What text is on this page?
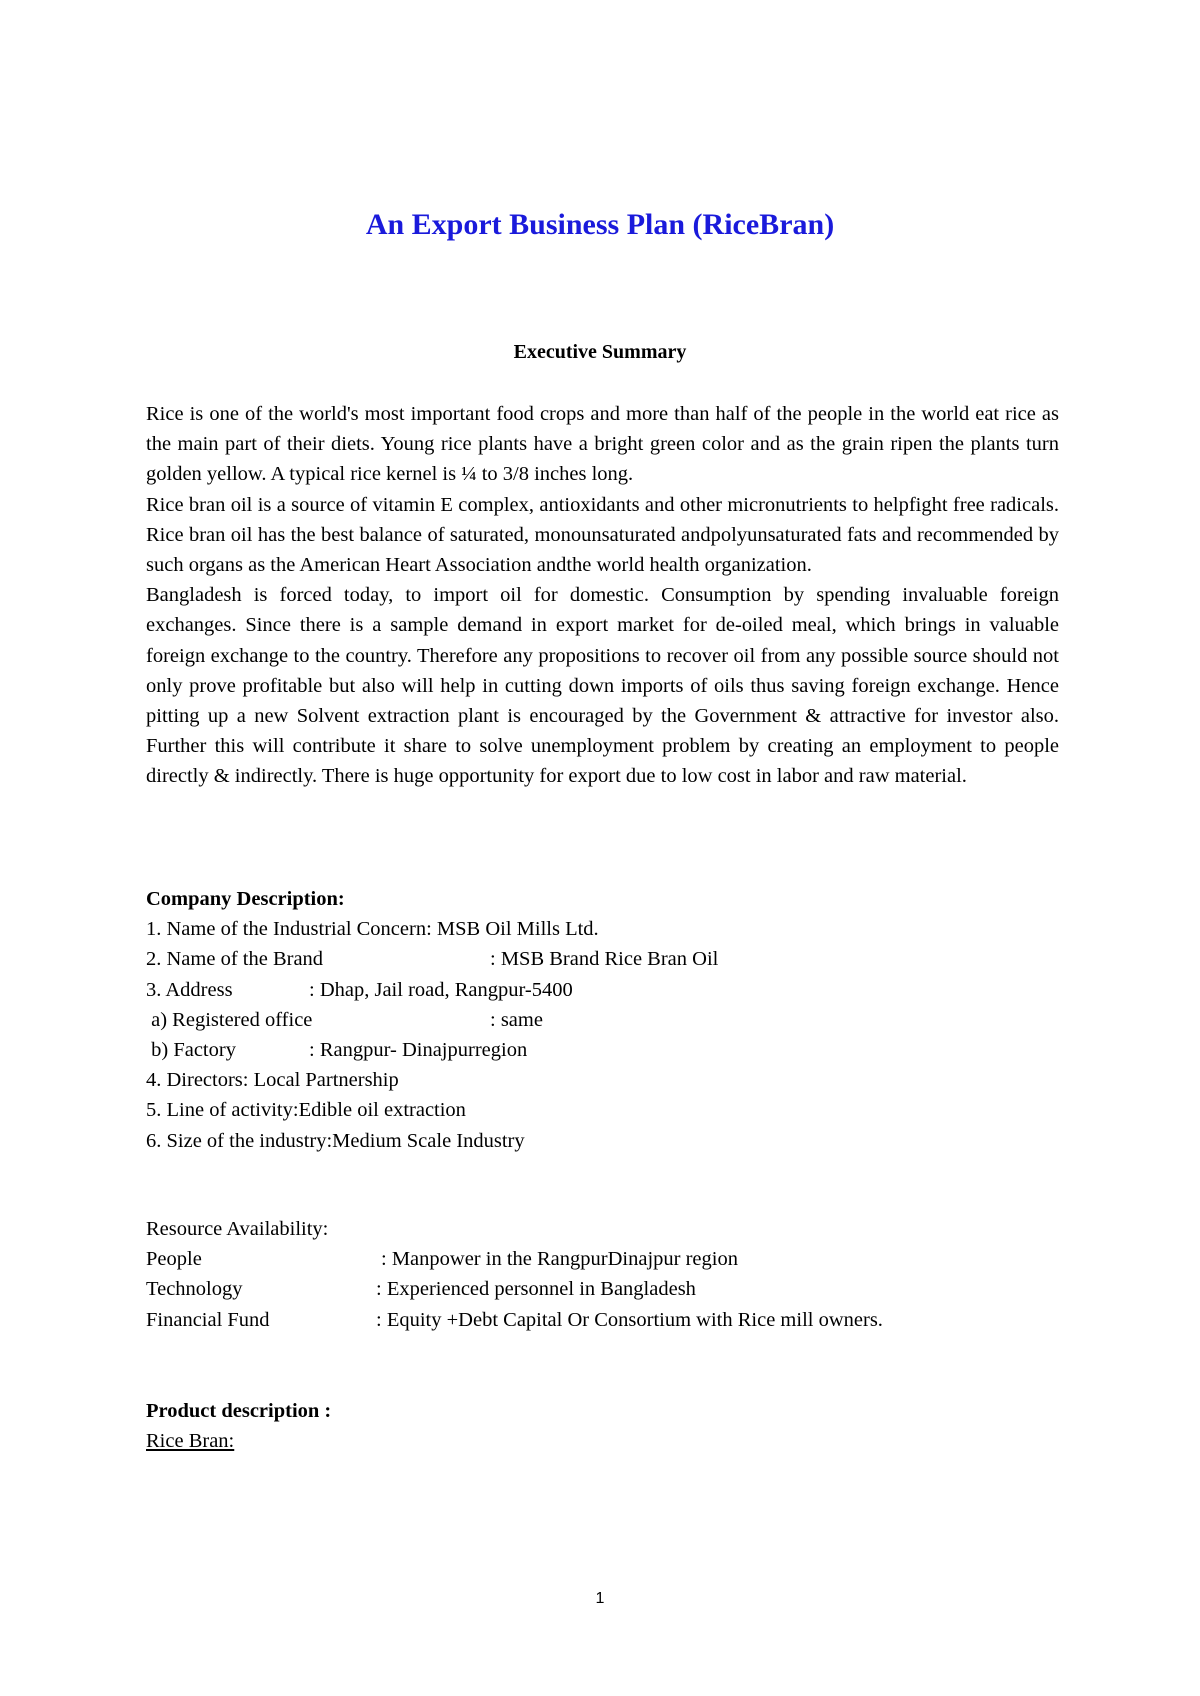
An Export Business Plan (RiceBran)
Executive Summary

Rice is one of the world's most important food crops and more than half of the people in the world eat rice as the main part of their diets. Young rice plants have a bright green color and as the grain ripen the plants turn golden yellow. A typical rice kernel is ¼ to 3/8 inches long.

Rice bran oil is a source of vitamin E complex, antioxidants and other micronutrients to helpfight free radicals. Rice bran oil has the best balance of saturated, monounsaturated andpolyunsaturated fats and recommended by such organs as the American Heart Association andthe world health organization.

Bangladesh is forced today, to import oil for domestic. Consumption by spending invaluable foreign exchanges. Since there is a sample demand in export market for de-oiled meal, which brings in valuable foreign exchange to the country. Therefore any propositions to recover oil from any possible source should not only prove profitable but also will help in cutting down imports of oils thus saving foreign exchange. Hence pitting up a new Solvent extraction plant is encouraged by the Government & attractive for investor also. Further this will contribute it share to solve unemployment problem by creating an employment to people directly & indirectly. There is huge opportunity for export due to low cost in labor and raw material.

Company Description:
1. Name of the Industrial Concern: MSB Oil Mills Ltd.
2. Name of the Brand	: MSB Brand Rice Bran Oil
3. Address	: Dhap, Jail road, Rangpur-5400
a) Registered office	: same
b) Factory	: Rangpur- Dinajpurregion
4. Directors: Local Partnership
5. Line of activity:Edible oil extraction
6. Size of the industry:Medium Scale Industry
Resource Availability:
People	: Manpower in the RangpurDinajpur region
Technology	: Experienced personnel in Bangladesh
Financial Fund	: Equity +Debt Capital Or Consortium with Rice mill owners.
Product description :
Rice Bran:
1
